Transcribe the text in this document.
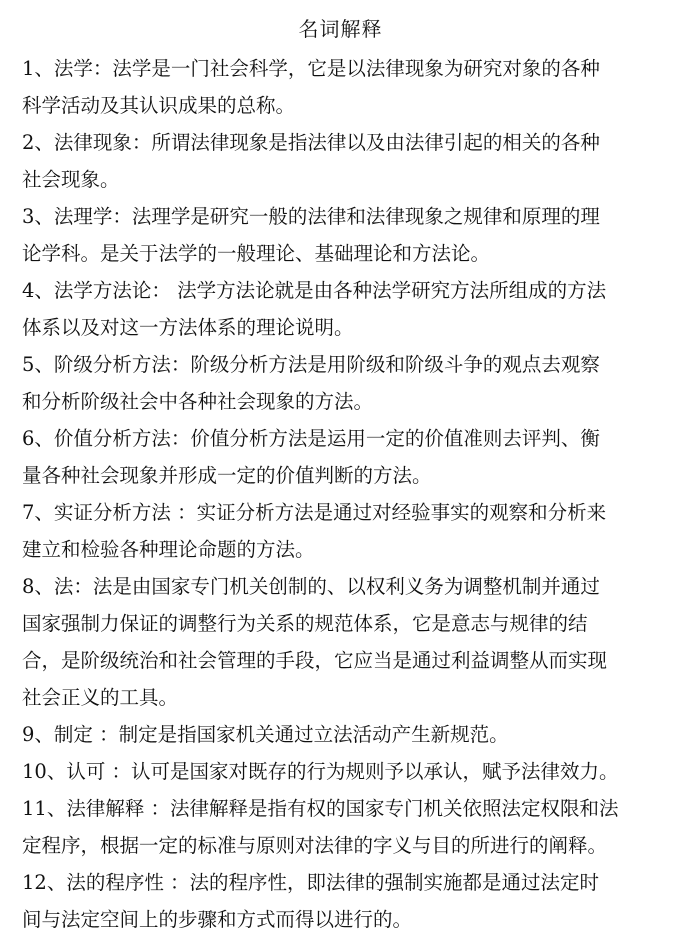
名词解释
1、法学：法学是一门社会科学，它是以法律现象为研究对象的各种
科学活动及其认识成果的总称。
2、法律现象：所谓法律现象是指法律以及由法律引起的相关的各种
社会现象。
3、法理学：法理学是研究一般的法律和法律现象之规律和原理的理
论学科。是关于法学的一般理论、基础理论和方法论。
4、法学方法论： 法学方法论就是由各种法学研究方法所组成的方法
体系以及对这一方法体系的理论说明。
5、阶级分析方法：阶级分析方法是用阶级和阶级斗争的观点去观察
和分析阶级社会中各种社会现象的方法。
6、价值分析方法：价值分析方法是运用一定的价值准则去评判、衡
量各种社会现象并形成一定的价值判断的方法。
7、实证分析方法 ：实证分析方法是通过对经验事实的观察和分析来
建立和检验各种理论命题的方法。
8、法：法是由国家专门机关创制的、以权利义务为调整机制并通过
国家强制力保证的调整行为关系的规范体系，它是意志与规律的结
合，是阶级统治和社会管理的手段，它应当是通过利益调整从而实现
社会正义的工具。
9、制定 ：制定是指国家机关通过立法活动产生新规范。
10、认可 ：认可是国家对既存的行为规则予以承认，赋予法律效力。
11、法律解释 ：法律解释是指有权的国家专门机关依照法定权限和法
定程序，根据一定的标准与原则对法律的字义与目的所进行的阐释。
12、法的程序性 ：法的程序性，即法律的强制实施都是通过法定时
间与法定空间上的步骤和方式而得以进行的。
